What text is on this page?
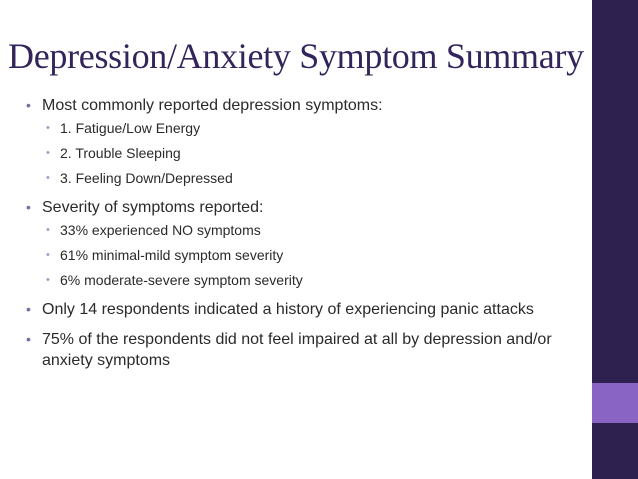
Depression/Anxiety Symptom Summary
• Most commonly reported depression symptoms:
• 1. Fatigue/Low Energy
• 2. Trouble Sleeping
• 3. Feeling Down/Depressed
• Severity of symptoms reported:
• 33% experienced NO symptoms
• 61% minimal-mild symptom severity
• 6% moderate-severe symptom severity
• Only 14 respondents indicated a history of experiencing panic attacks
• 75% of the respondents did not feel impaired at all by depression and/or anxiety symptoms
